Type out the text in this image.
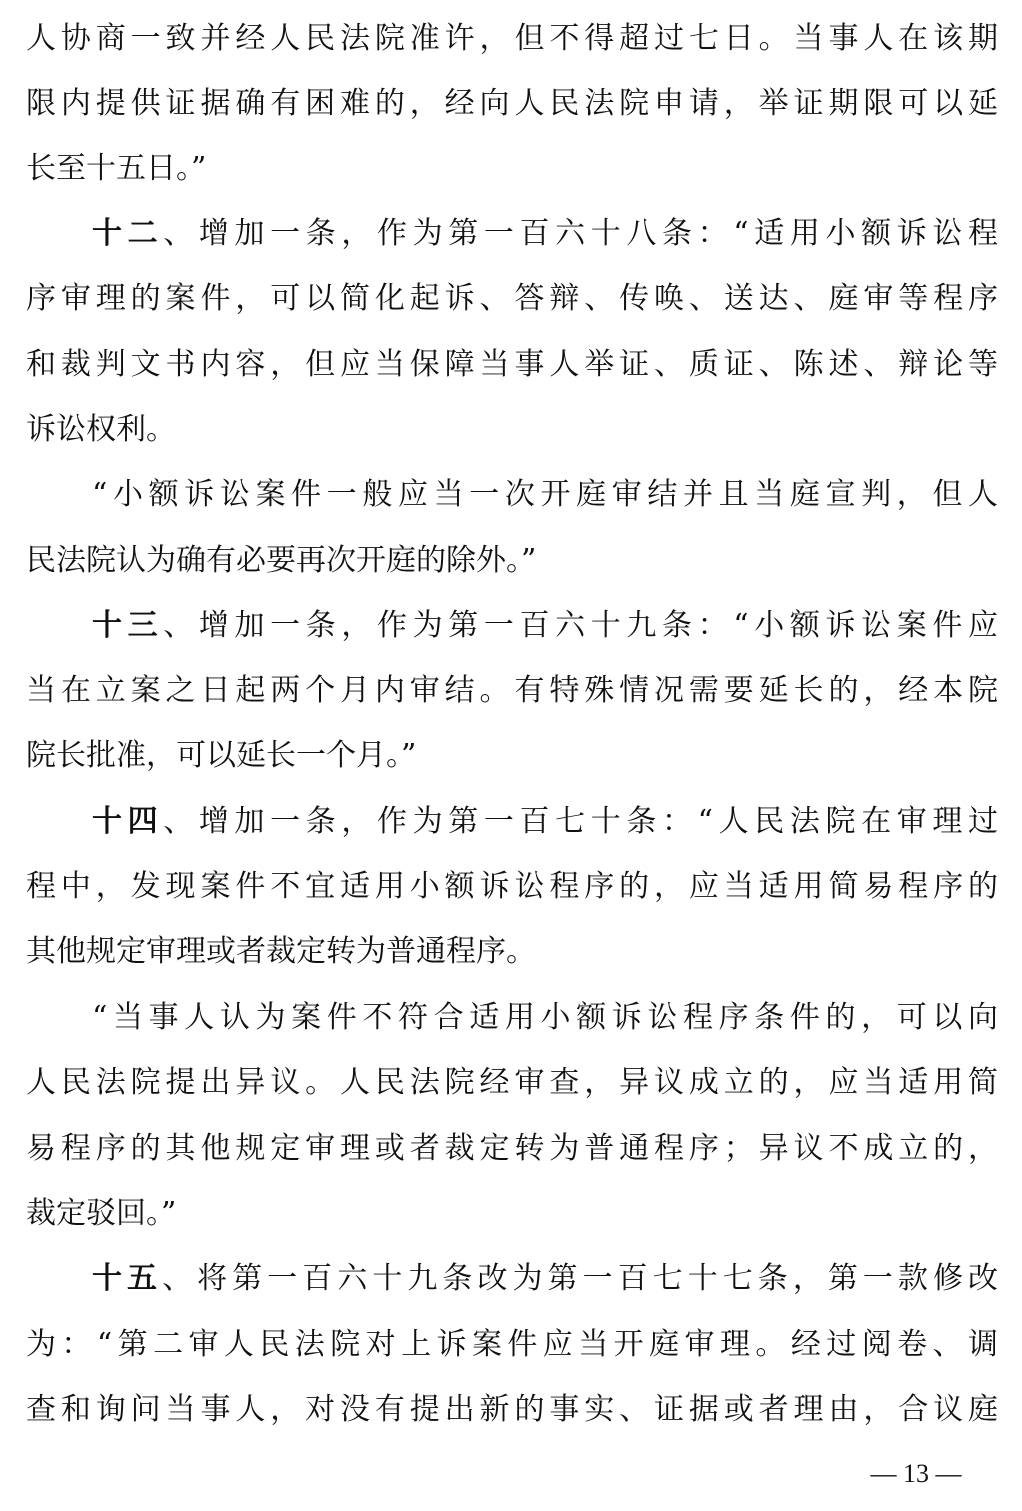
人协商一致并经人民法院准许，但不得超过七日。当事人在该期
限内提供证据确有困难的，经向人民法院申请，举证期限可以延
长至十五日。”
十二、增加一条，作为第一百六十八条：“适用小额诉讼程
序审理的案件，可以简化起诉、答辩、传唤、送达、庭审等程序
和裁判文书内容，但应当保障当事人举证、质证、陈述、辩论等
诉讼权利。
“小额诉讼案件一般应当一次开庭审结并且当庭宣判，但人
民法院认为确有必要再次开庭的除外。”
十三、增加一条，作为第一百六十九条：“小额诉讼案件应
当在立案之日起两个月内审结。有特殊情况需要延长的，经本院
院长批准，可以延长一个月。”
十四、增加一条，作为第一百七十条：“人民法院在审理过
程中，发现案件不宜适用小额诉讼程序的，应当适用简易程序的
其他规定审理或者裁定转为普通程序。
“当事人认为案件不符合适用小额诉讼程序条件的，可以向
人民法院提出异议。人民法院经审查，异议成立的，应当适用简
易程序的其他规定审理或者裁定转为普通程序；异议不成立的，
裁定驳回。”
十五、将第一百六十九条改为第一百七十七条，第一款修改
为：“第二审人民法院对上诉案件应当开庭审理。经过阅卷、调
查和询问当事人，对没有提出新的事实、证据或者理由，合议庭
— 13 —
